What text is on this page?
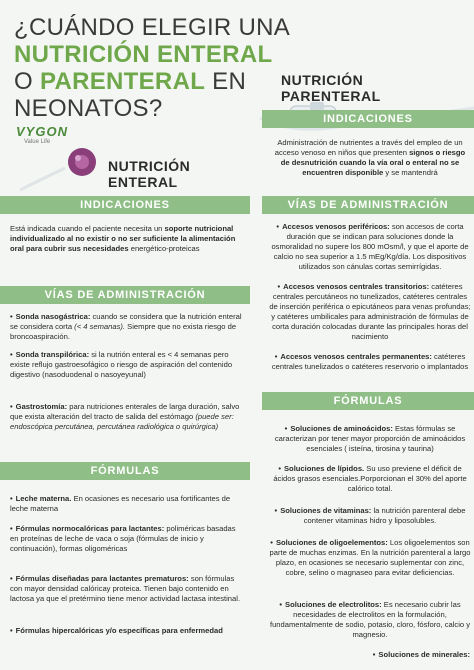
¿CUÁNDO ELEGIR UNA
NUTRICIÓN ENTERAL
O PARENTERAL EN
NEONATOS?
VYGON
Value Life
NUTRICIÓN
PARENTERAL
NUTRICIÓN
ENTERAL
INDICACIONES
Administración de nutrientes a través del empleo de un acceso venoso en niños que presenten signos o riesgo de desnutrición cuando la vía oral o enteral no se encuentren disponible y se mantendrá
VÍAS DE ADMINISTRACIÓN
• Accesos venosos periféricos: son accesos de corta duración que se indican para soluciones donde la osmoralidad no supere los 800 mOsm/l, y que el aporte de calcio no sea superior a 1.5 mEg/Kg/día. Los dispositivos utilizados son cánulas cortas semirrígidas.
• Accesos venosos centrales transitorios: catéteres centrales percutáneos no tunelizados, catéteres centrales de inserción periférica o epicutáneos para venas profundas; y catéteres umbilicales para administración de fórmulas de corta duración colocadas durante las principales horas del nacimiento
• Accesos venosos centrales permanentes: catéteres centrales tunelizados o catéteres reservorio o implantados
FÓRMULAS
• Soluciones de aminoácidos: Estas fórmulas se caracterizan por tener mayor proporción de aminoácidos esenciales ( isteína, tirosina y taurina)
• Soluciones de lípidos. Su uso previene el déficit de ácidos grasos esenciales.Porporcionan el 30% del aporte calórico total.
• Soluciones de vitaminas: la nutrición parenteral debe contener vitaminas hidro y liposolubles.
• Soluciones de oligoelementos: Los oligoelementos son parte de muchas enzimas. En la nutrición parenteral a largo plazo, en ocasiones se necesario suplementar con zinc, cobre, selino o magnaseo para evitar deficiencias.
• Soluciones de electrolitos: Es necesario cubrir las necesidades de electrolitos en la formulación, fundamentalmente de sodio, potasio, cloro, fósforo, calcio y magnesio.
• Soluciones de minerales:
INDICACIONES
Está indicada cuando el paciente necesita un soporte nutricional individualizado al no existir o no ser suficiente la alimentación oral para cubrir sus necesidades energético-proteicas
VÍAS DE ADMINISTRACIÓN
• Sonda nasogástrica: cuando se considera que la nutrición enteral se considera corta (< 4 semanas). Siempre que no exista riesgo de broncoaspiración.
• Sonda transpilórica: si la nutrión enteral es < 4 semanas pero existe reflujo gastroesofágico o riesgo de aspiración del contenido digestivo (nasoduodenal o nasoyeyunal)
• Gastrostomía: para nutriciones enterales de larga duración, salvo que exista alteración del tracto de salida del estómago (puede ser: endoscópica percutánea, percutánea radiológica o quirúrgica)
FÓRMULAS
• Leche materna. En ocasiones es necesario usa fortificantes de leche materna
• Fórmulas normocalóricas para lactantes: poliméricas basadas en proteínas de leche de vaca o soja (fórmulas de inicio y continuación), formas oligoméricas
• Fórmulas diseñadas para lactantes prematuros: son fórmulas con mayor densidad calóricay proteica. Tienen bajo contenido en lactosa ya que el pretérmino tiene menor actividad lactasa intestinal.
• Fórmulas hipercalóricas y/o específicas para enfermedad
